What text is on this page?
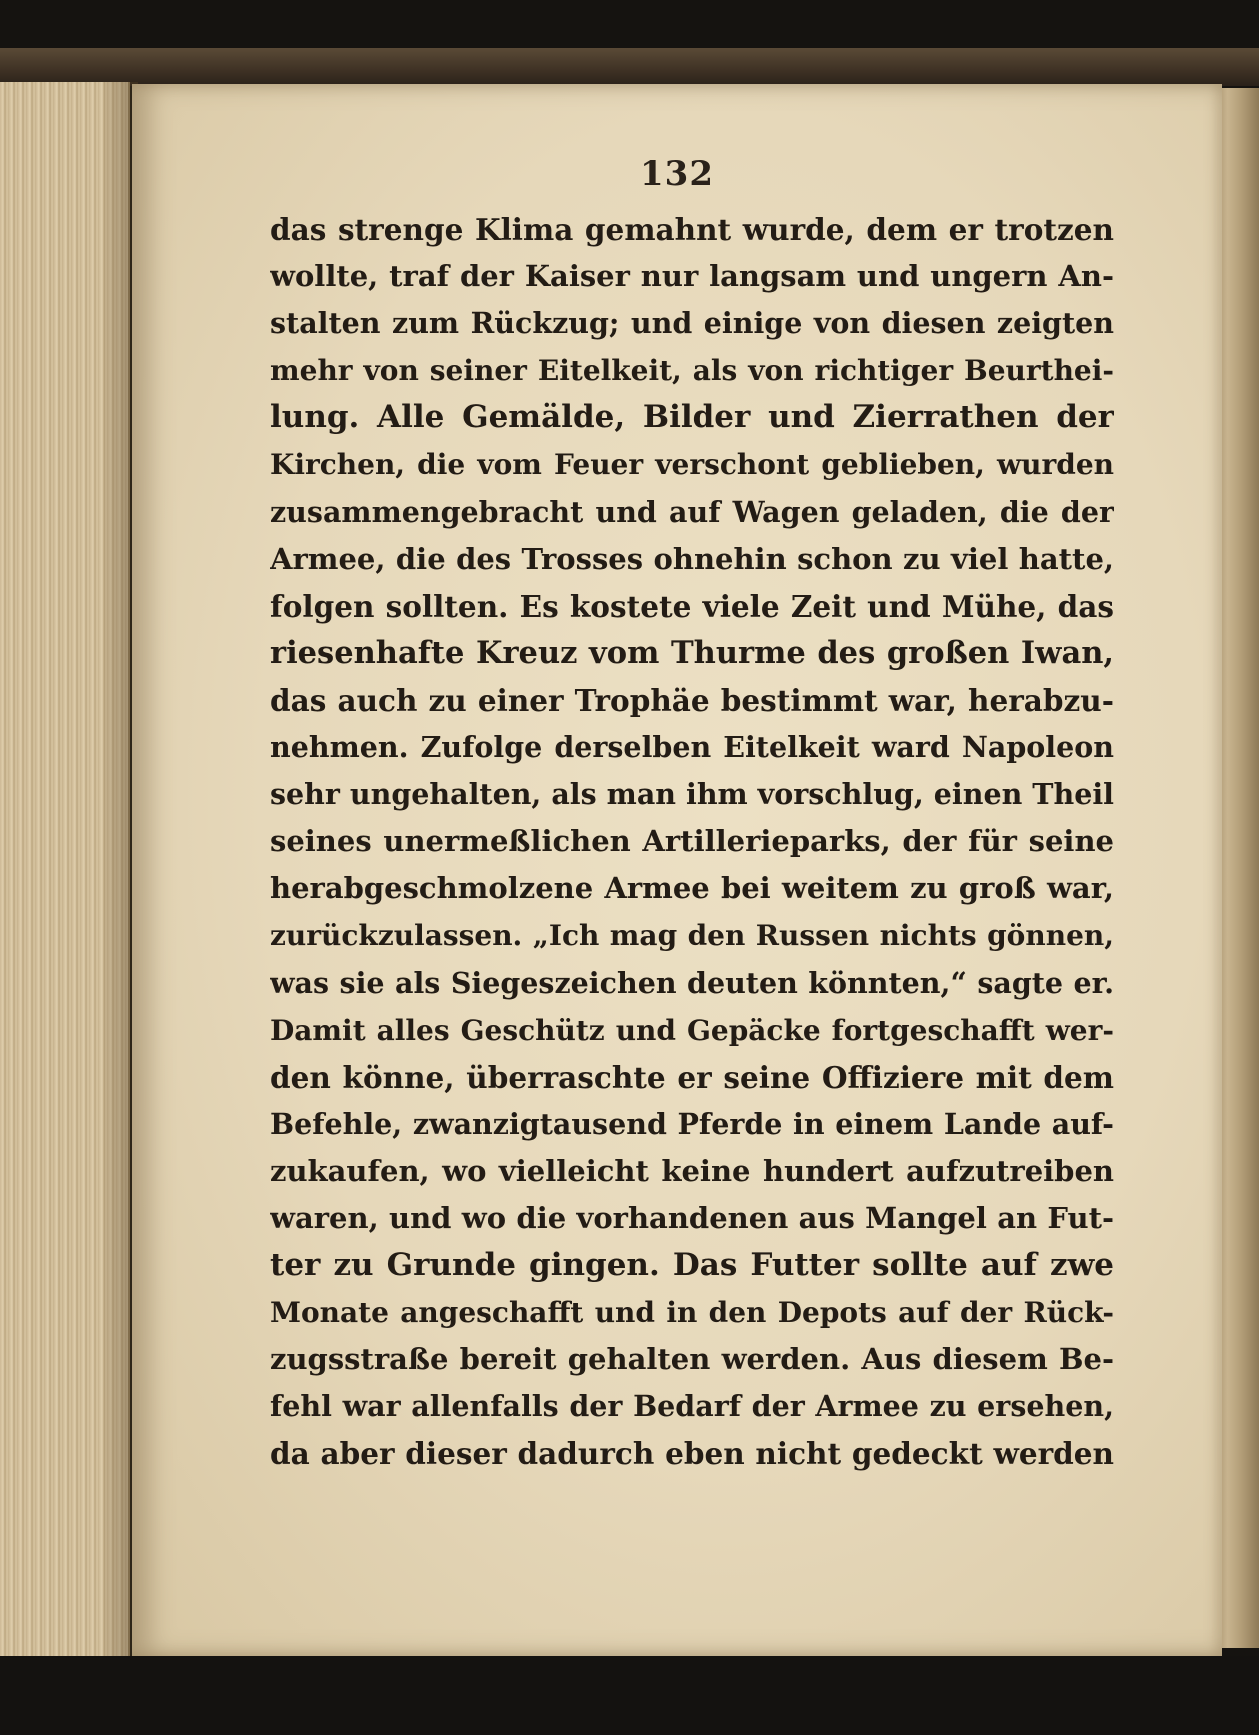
132

das strenge Klima gemahnt wurde, dem er trotzen
wollte, traf der Kaiser nur langsam und ungern An-
stalten zum Rückzug; und einige von diesen zeigten
mehr von seiner Eitelkeit, als von richtiger Beurthei-
lung. Alle Gemälde, Bilder und Zierrathen der
Kirchen, die vom Feuer verschont geblieben, wurden
zusammengebracht und auf Wagen geladen, die der
Armee, die des Trosses ohnehin schon zu viel hatte,
folgen sollten. Es kostete viele Zeit und Mühe, das
riesenhafte Kreuz vom Thurme des großen Iwan,
das auch zu einer Trophäe bestimmt war, herabzu-
nehmen. Zufolge derselben Eitelkeit ward Napoleon
sehr ungehalten, als man ihm vorschlug, einen Theil
seines unermeßlichen Artillerieparks, der für seine
herabgeschmolzene Armee bei weitem zu groß war,
zurückzulassen. „Ich mag den Russen nichts gönnen,
was sie als Siegeszeichen deuten könnten,“ sagte er.
Damit alles Geschütz und Gepäcke fortgeschafft wer-
den könne, überraschte er seine Offiziere mit dem
Befehle, zwanzigtausend Pferde in einem Lande auf-
zukaufen, wo vielleicht keine hundert aufzutreiben
waren, und wo die vorhandenen aus Mangel an Fut-
ter zu Grunde gingen. Das Futter sollte auf zwe
Monate angeschafft und in den Depots auf der Rück-
zugsstraße bereit gehalten werden. Aus diesem Be-
fehl war allenfalls der Bedarf der Armee zu ersehen,
da aber dieser dadurch eben nicht gedeckt werden
